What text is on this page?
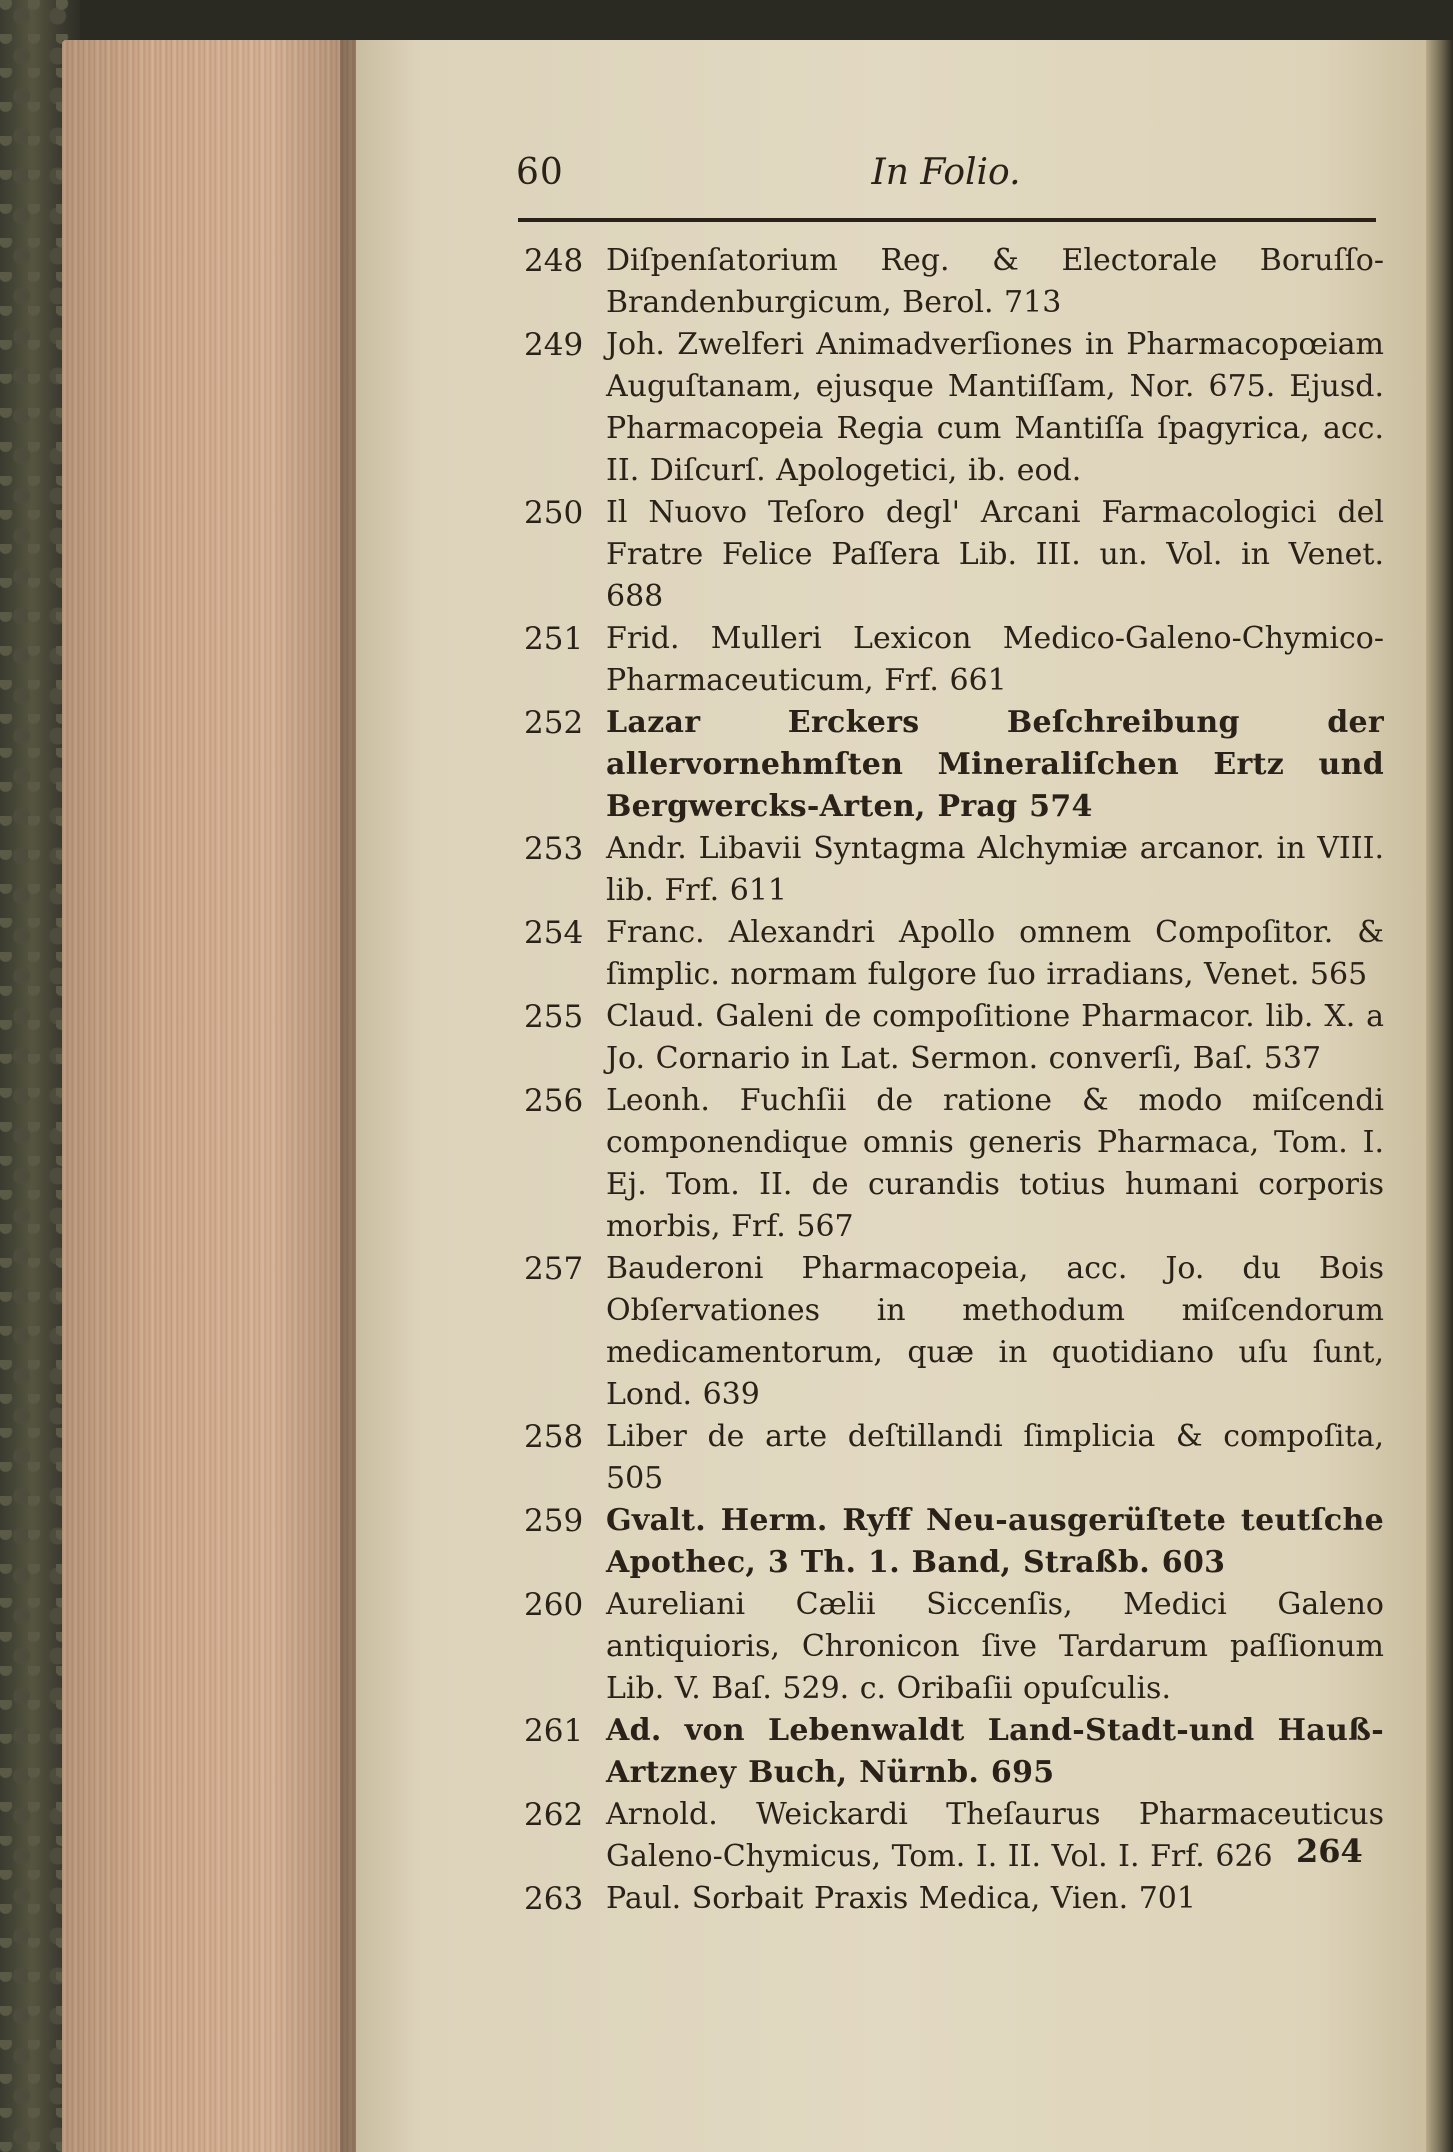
60	In Folio.
248 Diſpenſatorium Reg. & Electorale Boruſſo-Brandenburgicum, Berol. 713
249 Joh. Zwelferi Animadverſiones in Pharmacopœiam Auguſtanam, ejusque Mantiſſam, Nor. 675. Ejusd. Pharmacopeia Regia cum Mantiſſa ſpagyrica, acc. II. Diſcurſ. Apologetici, ib. eod.
250 Il Nuovo Teſoro degl' Arcani Farmacologici del Fratre Felice Paſſera Lib. III. un. Vol. in Venet. 688
251 Frid. Mulleri Lexicon Medico-Galeno-Chymico-Pharmaceuticum, Frf. 661
252 Lazar Erckers Beſchreibung der allervornehmſten Mineraliſchen Ertz und Bergwercks-Arten, Prag 574
253 Andr. Libavii Syntagma Alchymiæ arcanor. in VIII. lib. Frf. 611
254 Franc. Alexandri Apollo omnem Compoſitor. & ſimplic. normam fulgore ſuo irradians, Venet. 565
255 Claud. Galeni de compoſitione Pharmacor. lib. X. a Jo. Cornario in Lat. Sermon. converſi, Baſ. 537
256 Leonh. Fuchſii de ratione & modo miſcendi componendique omnis generis Pharmaca, Tom. I. Ej. Tom. II. de curandis totius humani corporis morbis, Frf. 567
257 Bauderoni Pharmacopeia, acc. Jo. du Bois Obſervationes in methodum miſcendorum medicamentorum, quæ in quotidiano uſu ſunt, Lond. 639
258 Liber de arte deſtillandi ſimplicia & compoſita, 505
259 Gvalt. Herm. Ryff Neu-ausgerüſtete teutſche Apothec, 3 Th. 1. Band, Straßb. 603
260 Aureliani Cælii Siccenſis, Medici Galeno antiquioris, Chronicon ſive Tardarum paſſionum Lib. V. Baſ. 529. c. Oribaſii opuſculis.
261 Ad. von Lebenwaldt Land-Stadt-und Hauß-Artzney Buch, Nürnb. 695
262 Arnold. Weickardi Theſaurus Pharmaceuticus Galeno-Chymicus, Tom. I. II. Vol. I. Frf. 626
263 Paul. Sorbait Praxis Medica, Vien. 701
264
